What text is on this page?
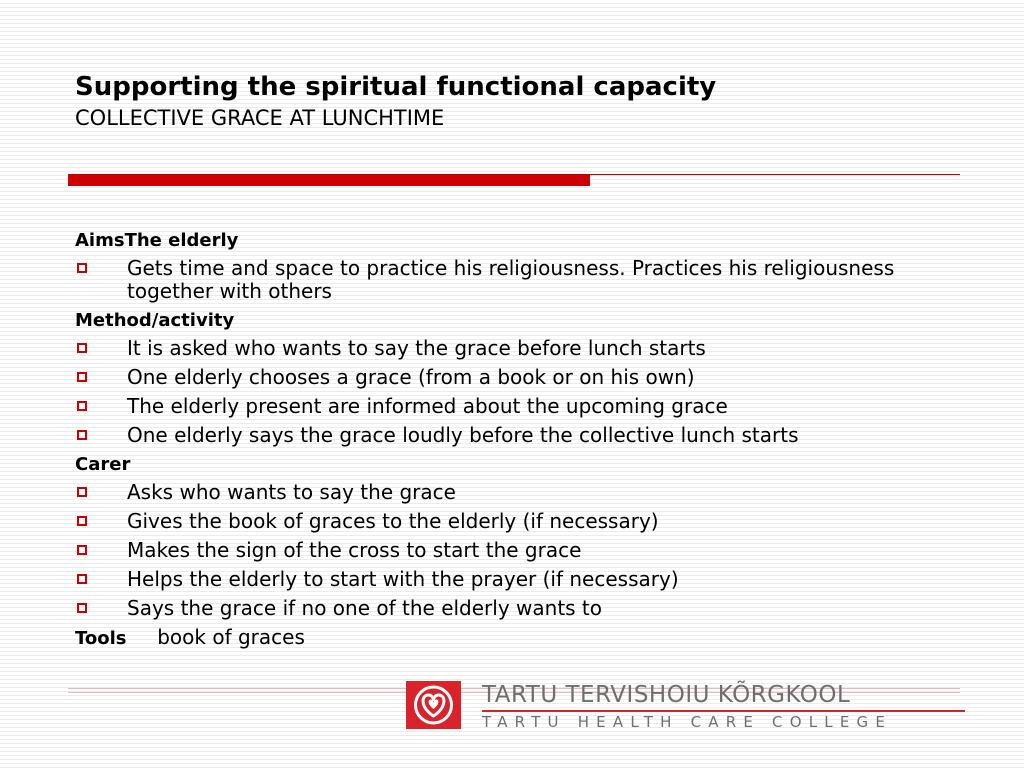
Supporting the spiritual functional capacity

COLLECTIVE GRACE AT LUNCHTIME

AimsThe elderly

Gets time and space to practice his religiousness. Practices his religiousness together with others

Method/activity

It is asked who wants to say the grace before lunch starts
One elderly chooses a grace (from a book or on his own)
The elderly present are informed about the upcoming grace
One elderly says the grace loudly before the collective lunch starts

Carer

Asks who wants to say the grace
Gives the book of graces to the elderly (if necessary)
Makes the sign of the cross to start the grace
Helps the elderly to start with the prayer (if necessary)
Says the grace if no one of the elderly wants to

Tools book of graces

TARTU TERVISHOIU KÕRGKOOL
TARTU HEALTH CARE COLLEGE
